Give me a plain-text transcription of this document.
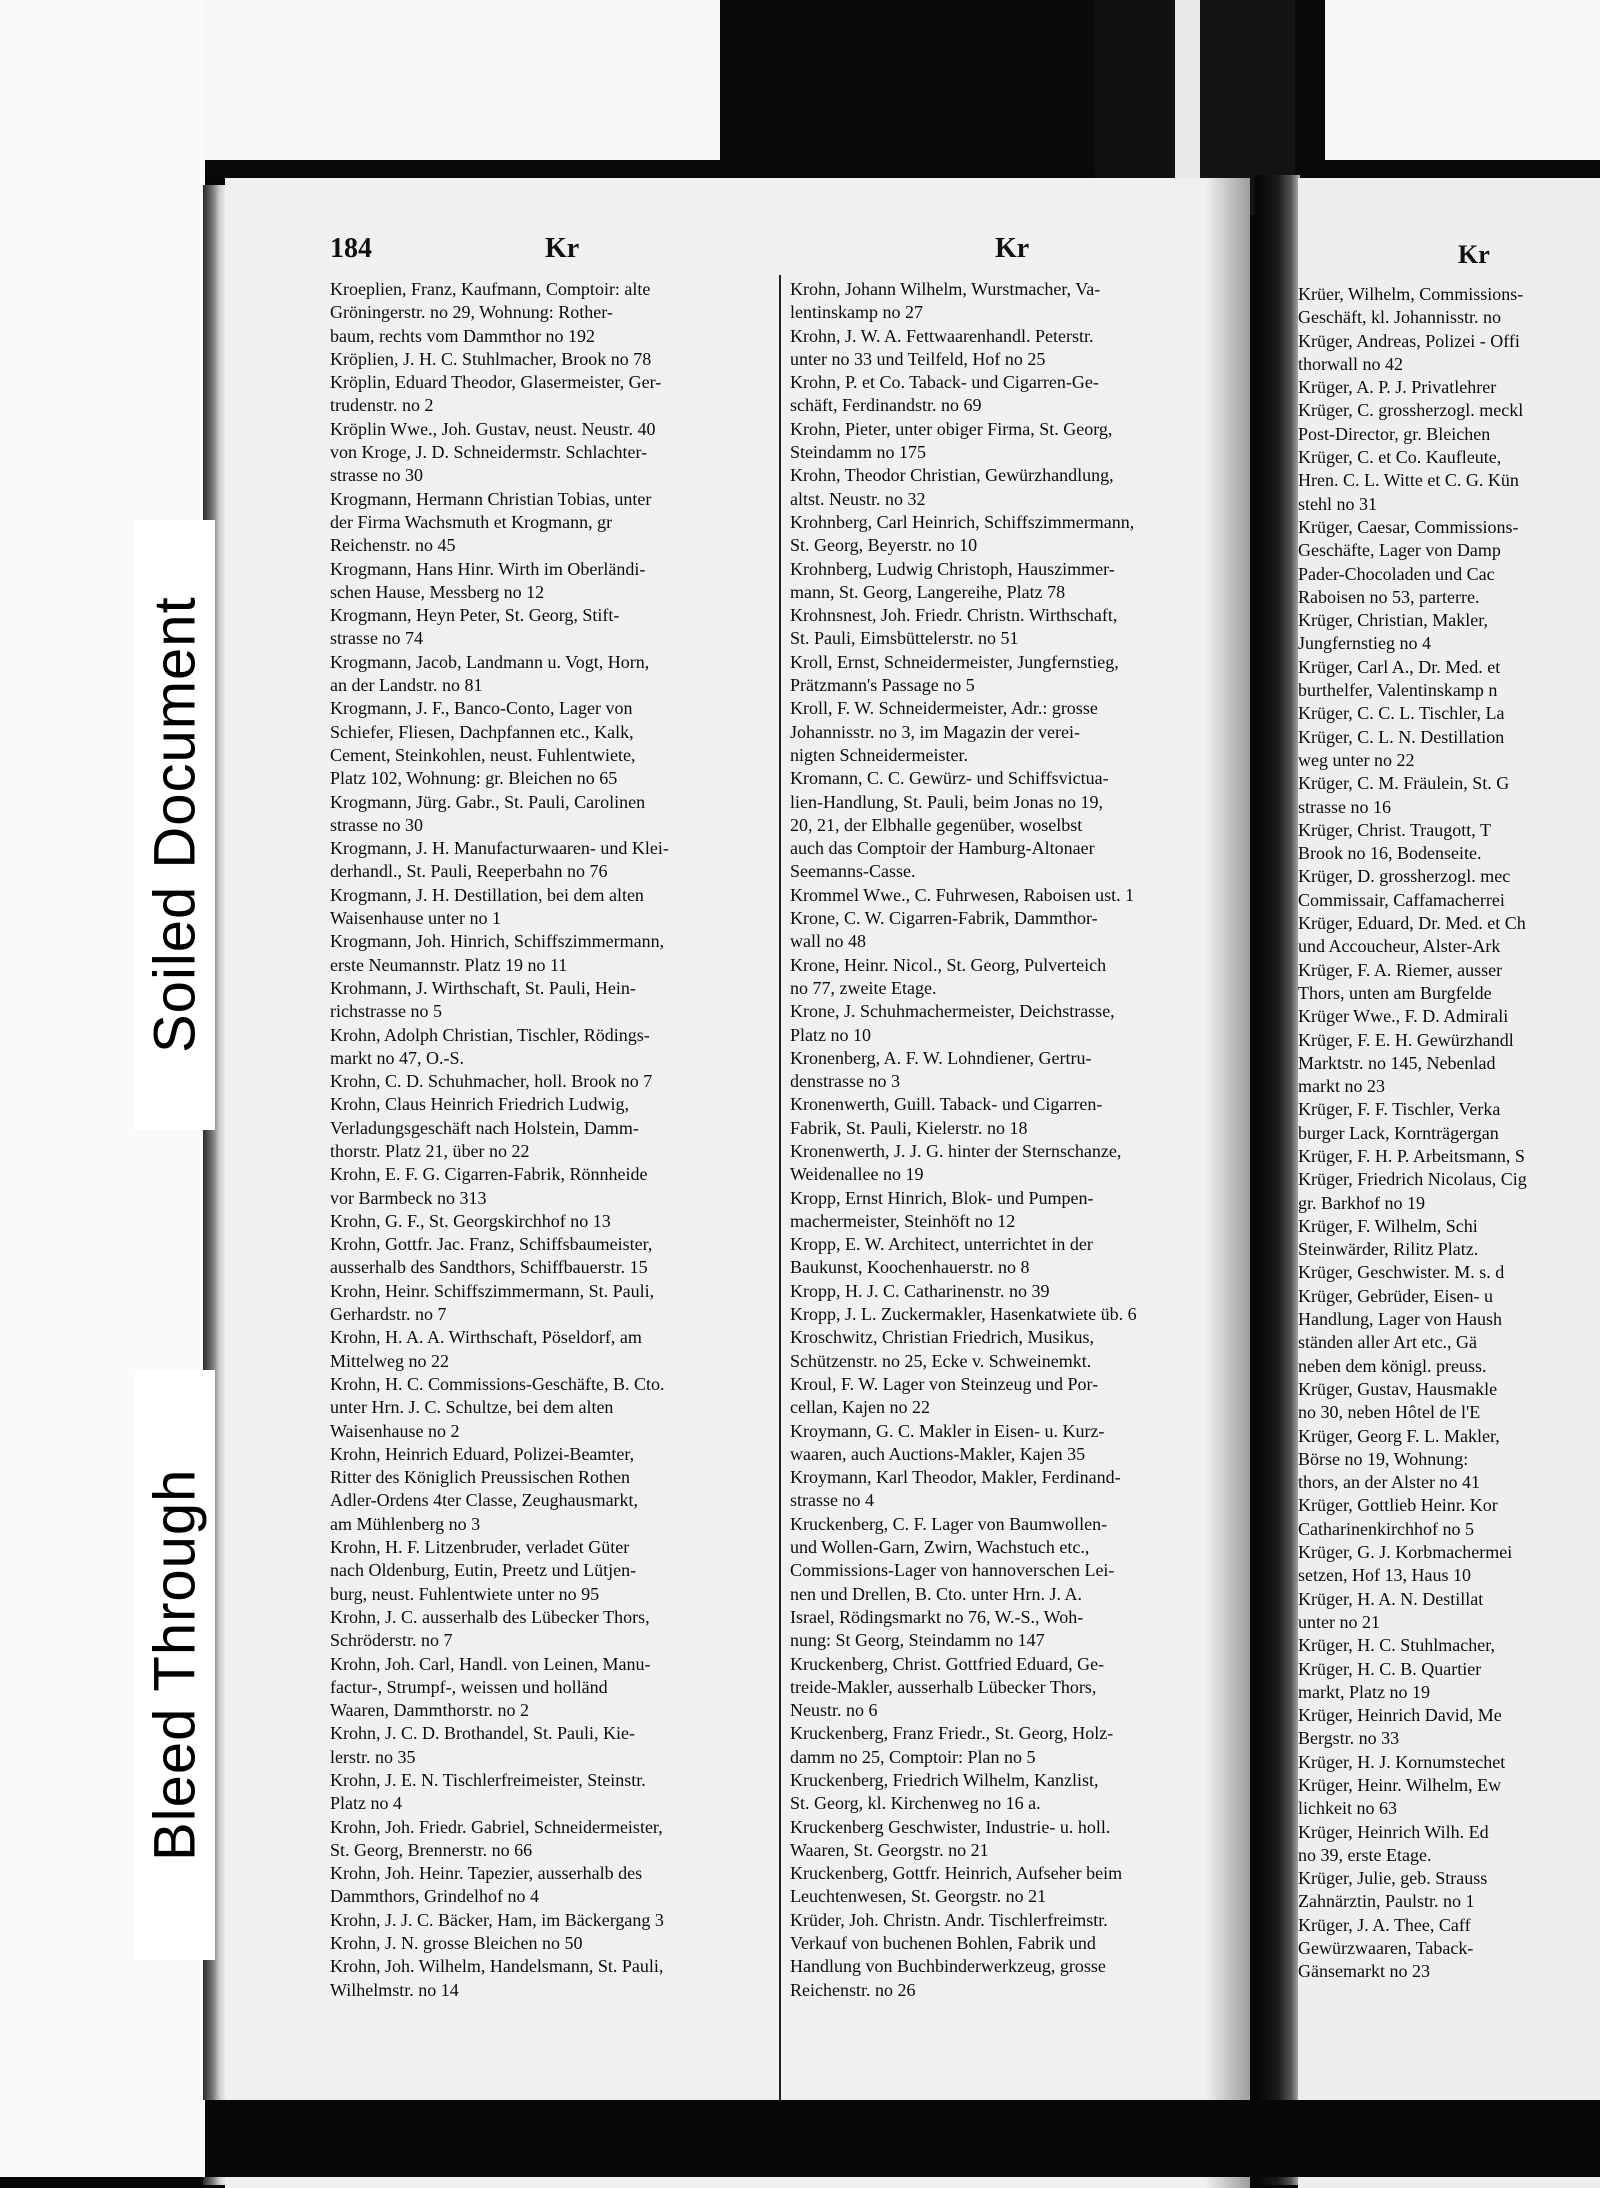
184	Kr	Kr
Kroeplien, Franz, Kaufmann, Comptoir: alte
Gröningerstr. no 29, Wohnung: Rother-
baum, rechts vom Dammthor no 192
Kröplien, J. H. C. Stuhlmacher, Brook no 78
Kröplin, Eduard Theodor, Glasermeister, Ger-
trudenstr. no 2
Kröplin Wwe., Joh. Gustav, neust. Neustr. 40
von Kroge, J. D. Schneidermstr. Schlachter-
strasse no 30
Krogmann, Hermann Christian Tobias, unter
der Firma Wachsmuth et Krogmann, gr
Reichenstr. no 45
Krogmann, Hans Hinr. Wirth im Oberländi-
schen Hause, Messberg no 12
Krogmann, Heyn Peter, St. Georg, Stift-
strasse no 74
Krogmann, Jacob, Landmann u. Vogt, Horn,
an der Landstr. no 81
Krogmann, J. F., Banco-Conto, Lager von
Schiefer, Fliesen, Dachpfannen etc., Kalk,
Cement, Steinkohlen, neust. Fuhlentwiete,
Platz 102, Wohnung: gr. Bleichen no 65
Krogmann, Jürg. Gabr., St. Pauli, Carolinen
strasse no 30
Krogmann, J. H. Manufacturwaaren- und Klei-
derhandl., St. Pauli, Reeperbahn no 76
Krogmann, J. H. Destillation, bei dem alten
Waisenhause unter no 1
Krogmann, Joh. Hinrich, Schiffszimmermann,
erste Neumannstr. Platz 19 no 11
Krohmann, J. Wirthschaft, St. Pauli, Hein-
richstrasse no 5
Krohn, Adolph Christian, Tischler, Rödings-
markt no 47, O.-S.
Krohn, C. D. Schuhmacher, holl. Brook no 7
Krohn, Claus Heinrich Friedrich Ludwig,
Verladungsgeschäft nach Holstein, Damm-
thorstr. Platz 21, über no 22
Krohn, E. F. G. Cigarren-Fabrik, Rönnheide
vor Barmbeck no 313
Krohn, G. F., St. Georgskirchhof no 13
Krohn, Gottfr. Jac. Franz, Schiffsbaumeister,
ausserhalb des Sandthors, Schiffbauerstr. 15
Krohn, Heinr. Schiffszimmermann, St. Pauli,
Gerhardstr. no 7
Krohn, H. A. A. Wirthschaft, Pöseldorf, am
Mittelweg no 22
Krohn, H. C. Commissions-Geschäfte, B. Cto.
unter Hrn. J. C. Schultze, bei dem alten
Waisenhause no 2
Krohn, Heinrich Eduard, Polizei-Beamter,
Ritter des Königlich Preussischen Rothen
Adler-Ordens 4ter Classe, Zeughausmarkt,
am Mühlenberg no 3
Krohn, H. F. Litzenbruder, verladet Güter
nach Oldenburg, Eutin, Preetz und Lütjen-
burg, neust. Fuhlentwiete unter no 95
Krohn, J. C. ausserhalb des Lübecker Thors,
Schröderstr. no 7
Krohn, Joh. Carl, Handl. von Leinen, Manu-
factur-, Strumpf-, weissen und holländ
Waaren, Dammthorstr. no 2
Krohn, J. C. D. Brothandel, St. Pauli, Kie-
lerstr. no 35
Krohn, J. E. N. Tischlerfreimeister, Steinstr.
Platz no 4
Krohn, Joh. Friedr. Gabriel, Schneidermeister,
St. Georg, Brennerstr. no 66
Krohn, Joh. Heinr. Tapezier, ausserhalb des
Dammthors, Grindelhof no 4
Krohn, J. J. C. Bäcker, Ham, im Bäckergang 3
Krohn, J. N. grosse Bleichen no 50
Krohn, Joh. Wilhelm, Handelsmann, St. Pauli,
Wilhelmstr. no 14
Krohn, Johann Wilhelm, Wurstmacher, Va-
lentinskamp no 27
Krohn, J. W. A. Fettwaarenhandl. Peterstr.
unter no 33 und Teilfeld, Hof no 25
Krohn, P. et Co. Taback- und Cigarren-Ge-
schäft, Ferdinandstr. no 69
Krohn, Pieter, unter obiger Firma, St. Georg,
Steindamm no 175
Krohn, Theodor Christian, Gewürzhandlung,
altst. Neustr. no 32
Krohnberg, Carl Heinrich, Schiffszimmermann,
St. Georg, Beyerstr. no 10
Krohnberg, Ludwig Christoph, Hauszimmer-
mann, St. Georg, Langereihe, Platz 78
Krohnsnest, Joh. Friedr. Christn. Wirthschaft,
St. Pauli, Eimsbüttelerstr. no 51
Kroll, Ernst, Schneidermeister, Jungfernstieg,
Prätzmann's Passage no 5
Kroll, F. W. Schneidermeister, Adr.: grosse
Johannisstr. no 3, im Magazin der verei-
nigten Schneidermeister.
Kromann, C. C. Gewürz- und Schiffsvictua-
lien-Handlung, St. Pauli, beim Jonas no 19,
20, 21, der Elbhalle gegenüber, woselbst
auch das Comptoir der Hamburg-Altonaer
Seemanns-Casse.
Krommel Wwe., C. Fuhrwesen, Raboisen ust. 1
Krone, C. W. Cigarren-Fabrik, Dammthor-
wall no 48
Krone, Heinr. Nicol., St. Georg, Pulverteich
no 77, zweite Etage.
Krone, J. Schuhmachermeister, Deichstrasse,
Platz no 10
Kronenberg, A. F. W. Lohndiener, Gertru-
denstrasse no 3
Kronenwerth, Guill. Taback- und Cigarren-
Fabrik, St. Pauli, Kielerstr. no 18
Kronenwerth, J. J. G. hinter der Sternschanze,
Weidenallee no 19
Kropp, Ernst Hinrich, Blok- und Pumpen-
machermeister, Steinhöft no 12
Kropp, E. W. Architect, unterrichtet in der
Baukunst, Koochenhauerstr. no 8
Kropp, H. J. C. Catharinenstr. no 39
Kropp, J. L. Zuckermakler, Hasenkatwiete üb. 6
Kroschwitz, Christian Friedrich, Musikus,
Schützenstr. no 25, Ecke v. Schweinemkt.
Kroul, F. W. Lager von Steinzeug und Por-
cellan, Kajen no 22
Kroymann, G. C. Makler in Eisen- u. Kurz-
waaren, auch Auctions-Makler, Kajen 35
Kroymann, Karl Theodor, Makler, Ferdinand-
strasse no 4
Kruckenberg, C. F. Lager von Baumwollen-
und Wollen-Garn, Zwirn, Wachstuch etc.,
Commissions-Lager von hannoverschen Lei-
nen und Drellen, B. Cto. unter Hrn. J. A.
Israel, Rödingsmarkt no 76, W.-S., Woh-
nung: St Georg, Steindamm no 147
Kruckenberg, Christ. Gottfried Eduard, Ge-
treide-Makler, ausserhalb Lübecker Thors,
Neustr. no 6
Kruckenberg, Franz Friedr., St. Georg, Holz-
damm no 25, Comptoir: Plan no 5
Kruckenberg, Friedrich Wilhelm, Kanzlist,
St. Georg, kl. Kirchenweg no 16 a.
Kruckenberg Geschwister, Industrie- u. holl.
Waaren, St. Georgstr. no 21
Kruckenberg, Gottfr. Heinrich, Aufseher beim
Leuchtenwesen, St. Georgstr. no 21
Krüder, Joh. Christn. Andr. Tischlerfreimstr.
Verkauf von buchenen Bohlen, Fabrik und
Handlung von Buchbinderwerkzeug, grosse
Reichenstr. no 26
Kr
Krüer, Wilhelm, Commissions-
Geschäft, kl. Johannisstr. no
Krüger, Andreas, Polizei - Offi
thorwall no 42
Krüger, A. P. J. Privatlehrer
Krüger, C. grossherzogl. meckl
Post-Director, gr. Bleichen
Krüger, C. et Co. Kaufleute,
Hren. C. L. Witte et C. G. Kün
stehl no 31
Krüger, Caesar, Commissions-
Geschäfte, Lager von Damp
Pader-Chocoladen und Cac
Raboisen no 53, parterre.
Krüger, Christian, Makler,
Jungfernstieg no 4
Krüger, Carl A., Dr. Med. et
burthelfer, Valentinskamp n
Krüger, C. C. L. Tischler, La
Krüger, C. L. N. Destillation
weg unter no 22
Krüger, C. M. Fräulein, St. G
strasse no 16
Krüger, Christ. Traugott, T
Brook no 16, Bodenseite.
Krüger, D. grossherzogl. mec
Commissair, Caffamacherrei
Krüger, Eduard, Dr. Med. et Ch
und Accoucheur, Alster-Ark
Krüger, F. A. Riemer, ausser
Thors, unten am Burgfelde
Krüger Wwe., F. D. Admirali
Krüger, F. E. H. Gewürzhandl
Marktstr. no 145, Nebenlad
markt no 23
Krüger, F. F. Tischler, Verka
burger Lack, Kornträgergan
Krüger, F. H. P. Arbeitsmann, S
Krüger, Friedrich Nicolaus, Cig
gr. Barkhof no 19
Krüger, F. Wilhelm, Schi
Steinwärder, Rilitz Platz.
Krüger, Geschwister. M. s. d
Krüger, Gebrüder, Eisen- u
Handlung, Lager von Haush
ständen aller Art etc., Gä
neben dem königl. preuss.
Krüger, Gustav, Hausmakle
no 30, neben Hôtel de l'E
Krüger, Georg F. L. Makler,
Börse no 19, Wohnung:
thors, an der Alster no 41
Krüger, Gottlieb Heinr. Kor
Catharinenkirchhof no 5
Krüger, G. J. Korbmachermei
setzen, Hof 13, Haus 10
Krüger, H. A. N. Destillat
unter no 21
Krüger, H. C. Stuhlmacher,
Krüger, H. C. B. Quartier
markt, Platz no 19
Krüger, Heinrich David, Me
Bergstr. no 33
Krüger, H. J. Kornumstechet
Krüger, Heinr. Wilhelm, Ew
lichkeit no 63
Krüger, Heinrich Wilh. Ed
no 39, erste Etage.
Krüger, Julie, geb. Strauss
Zahnärztin, Paulstr. no 1
Krüger, J. A. Thee, Caff
Gewürzwaaren, Taback-
Gänsemarkt no 23
Soiled Document
Bleed Through
